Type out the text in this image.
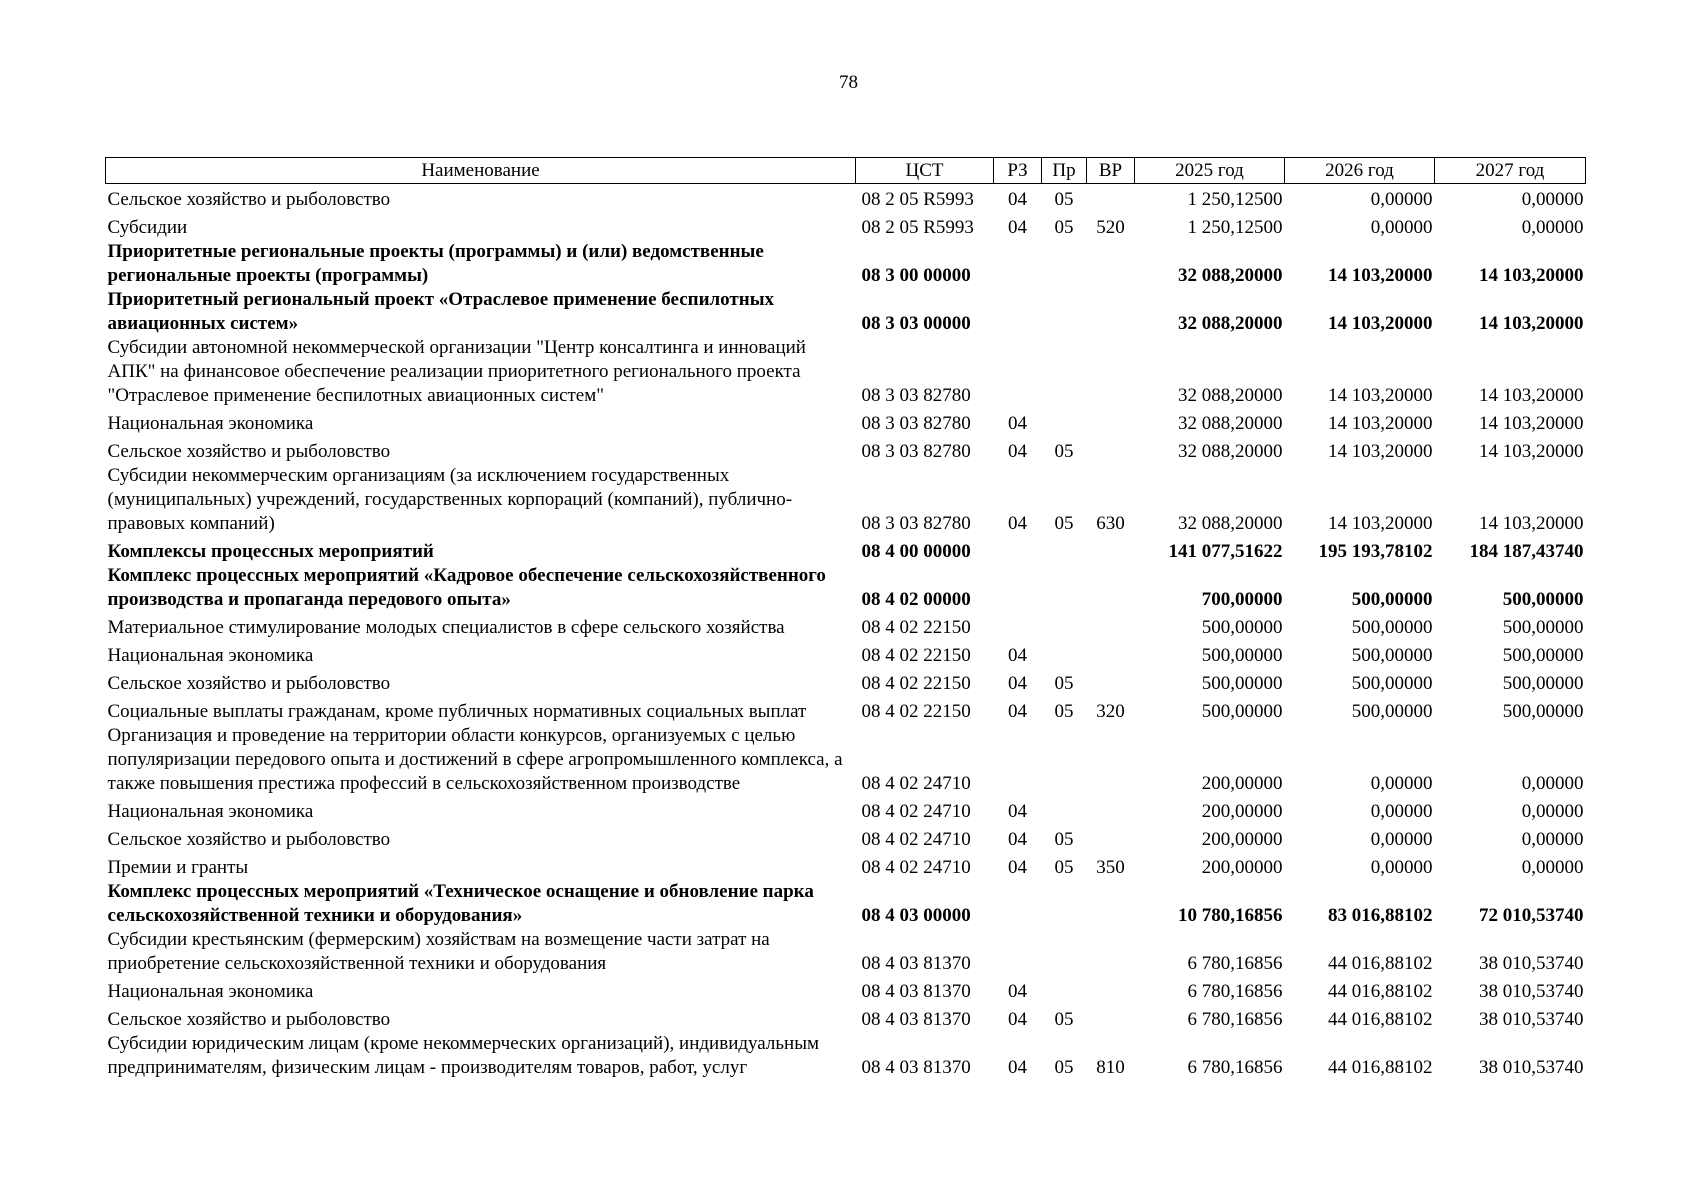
78
Наименование	ЦСТ	РЗ	Пр	ВР	2025 год	2026 год	2027 год
Сельское хозяйство и рыболовство	08 2 05 R5993	04	05		1 250,12500	0,00000	0,00000
Субсидии	08 2 05 R5993	04	05	520	1 250,12500	0,00000	0,00000
Приоритетные региональные проекты (программы) и (или) ведомственные региональные проекты (программы)	08 3 00 00000				32 088,20000	14 103,20000	14 103,20000
Приоритетный региональный проект «Отраслевое применение беспилотных авиационных систем»	08 3 03 00000				32 088,20000	14 103,20000	14 103,20000
Субсидии автономной некоммерческой организации "Центр консалтинга и инноваций АПК" на финансовое обеспечение реализации приоритетного регионального проекта "Отраслевое применение беспилотных авиационных систем"	08 3 03 82780				32 088,20000	14 103,20000	14 103,20000
Национальная экономика	08 3 03 82780	04			32 088,20000	14 103,20000	14 103,20000
Сельское хозяйство и рыболовство	08 3 03 82780	04	05		32 088,20000	14 103,20000	14 103,20000
Субсидии некоммерческим организациям (за исключением государственных (муниципальных) учреждений, государственных корпораций (компаний), публично-правовых компаний)	08 3 03 82780	04	05	630	32 088,20000	14 103,20000	14 103,20000
Комплексы процессных мероприятий	08 4 00 00000				141 077,51622	195 193,78102	184 187,43740
Комплекс процессных мероприятий «Кадровое обеспечение сельскохозяйственного производства и пропаганда передового опыта»	08 4 02 00000				700,00000	500,00000	500,00000
Материальное стимулирование молодых специалистов в сфере сельского хозяйства	08 4 02 22150				500,00000	500,00000	500,00000
Национальная экономика	08 4 02 22150	04			500,00000	500,00000	500,00000
Сельское хозяйство и рыболовство	08 4 02 22150	04	05		500,00000	500,00000	500,00000
Социальные выплаты гражданам, кроме публичных нормативных социальных выплат	08 4 02 22150	04	05	320	500,00000	500,00000	500,00000
Организация и проведение на территории области конкурсов, организуемых с целью популяризации передового опыта и достижений в сфере агропромышленного комплекса, а также повышения престижа профессий в сельскохозяйственном производстве	08 4 02 24710				200,00000	0,00000	0,00000
Национальная экономика	08 4 02 24710	04			200,00000	0,00000	0,00000
Сельское хозяйство и рыболовство	08 4 02 24710	04	05		200,00000	0,00000	0,00000
Премии и гранты	08 4 02 24710	04	05	350	200,00000	0,00000	0,00000
Комплекс процессных мероприятий «Техническое оснащение и обновление парка сельскохозяйственной техники и оборудования»	08 4 03 00000				10 780,16856	83 016,88102	72 010,53740
Субсидии крестьянским (фермерским) хозяйствам на возмещение части затрат на приобретение сельскохозяйственной техники и оборудования	08 4 03 81370				6 780,16856	44 016,88102	38 010,53740
Национальная экономика	08 4 03 81370	04			6 780,16856	44 016,88102	38 010,53740
Сельское хозяйство и рыболовство	08 4 03 81370	04	05		6 780,16856	44 016,88102	38 010,53740
Субсидии юридическим лицам (кроме некоммерческих организаций), индивидуальным предпринимателям, физическим лицам - производителям товаров, работ, услуг	08 4 03 81370	04	05	810	6 780,16856	44 016,88102	38 010,53740
